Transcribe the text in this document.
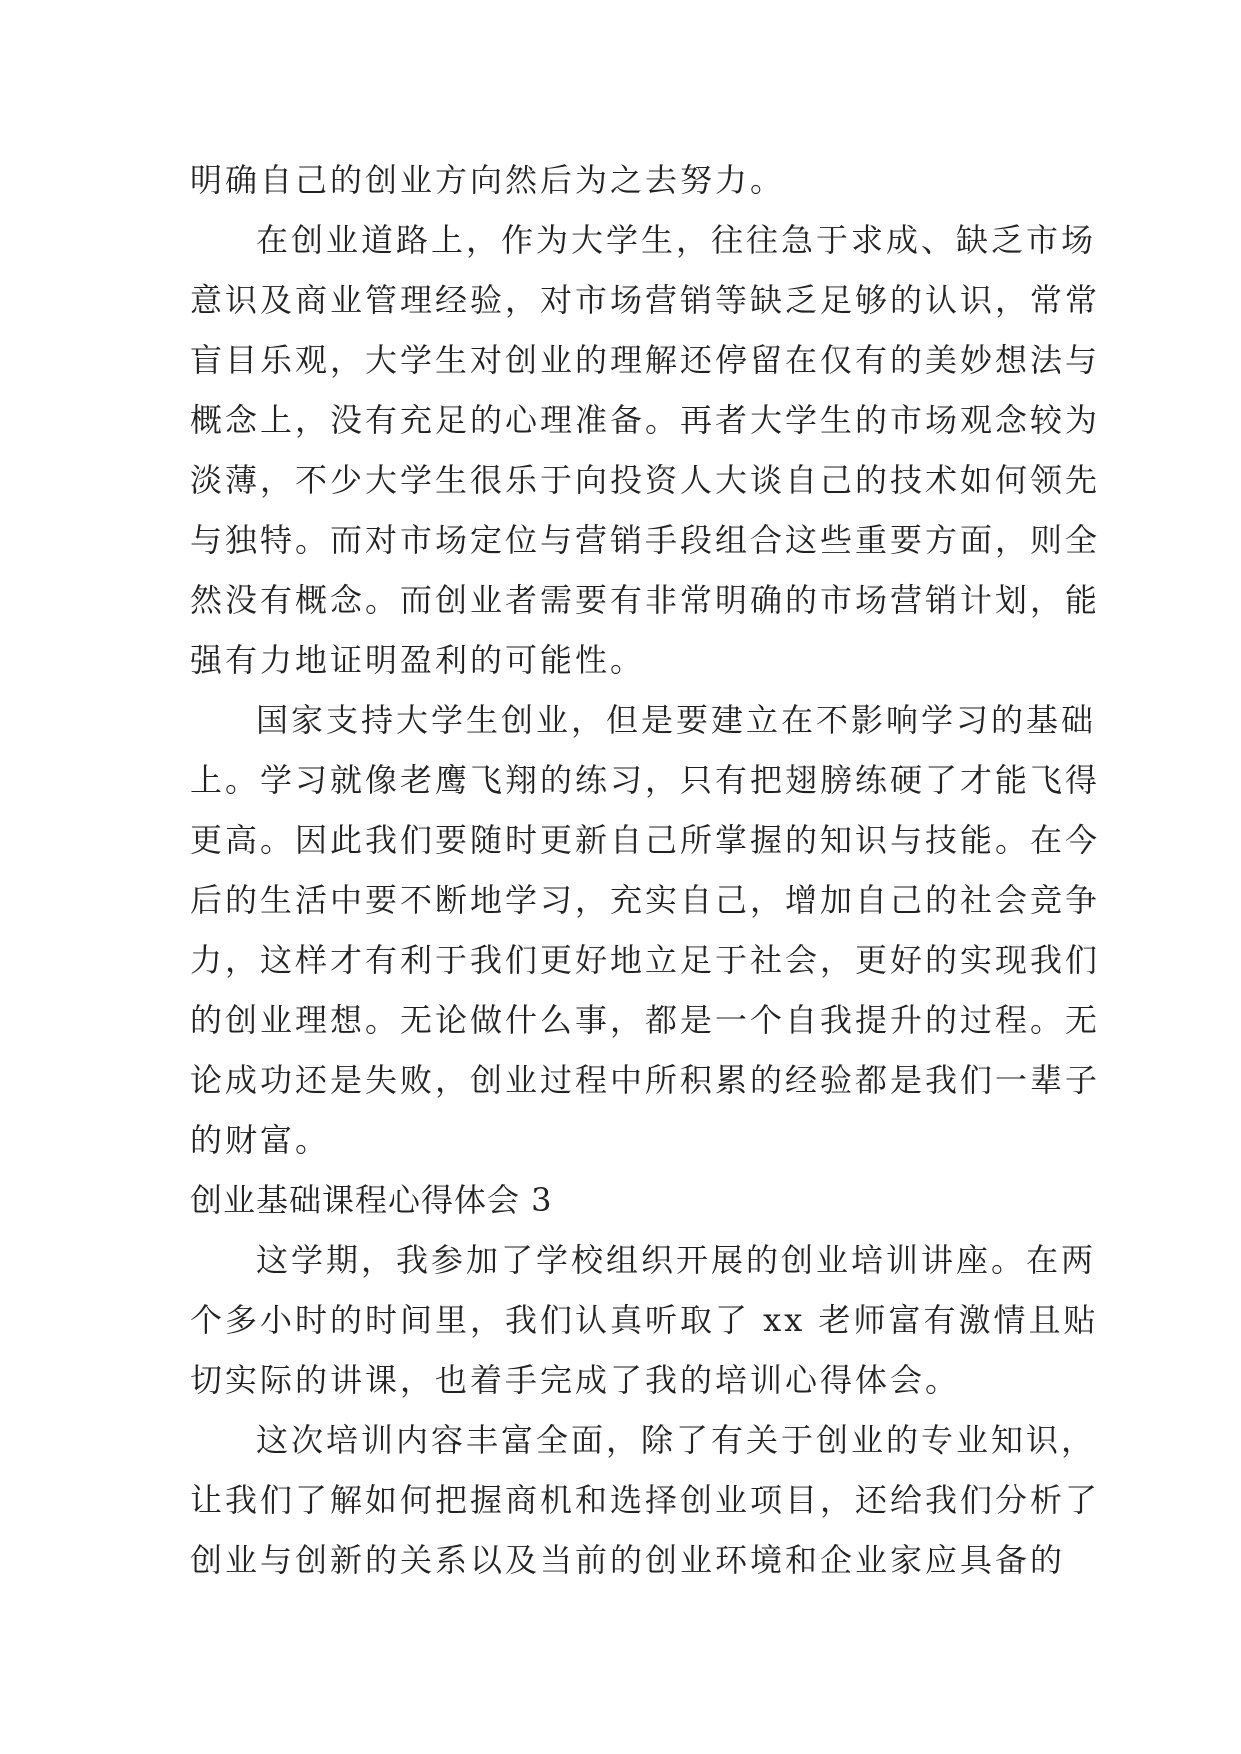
明确自己的创业方向然后为之去努力。
在创业道路上，作为大学生，往往急于求成、缺乏市场
意识及商业管理经验，对市场营销等缺乏足够的认识，常常
盲目乐观，大学生对创业的理解还停留在仅有的美妙想法与
概念上，没有充足的心理准备。再者大学生的市场观念较为
淡薄，不少大学生很乐于向投资人大谈自己的技术如何领先
与独特。而对市场定位与营销手段组合这些重要方面，则全
然没有概念。而创业者需要有非常明确的市场营销计划，能
强有力地证明盈利的可能性。
国家支持大学生创业，但是要建立在不影响学习的基础
上。学习就像老鹰飞翔的练习，只有把翅膀练硬了才能飞得
更高。因此我们要随时更新自己所掌握的知识与技能。在今
后的生活中要不断地学习，充实自己，增加自己的社会竞争
力，这样才有利于我们更好地立足于社会，更好的实现我们
的创业理想。无论做什么事，都是一个自我提升的过程。无
论成功还是失败，创业过程中所积累的经验都是我们一辈子
的财富。
创业基础课程心得体会 3
这学期，我参加了学校组织开展的创业培训讲座。在两
个多小时的时间里，我们认真听取了 xx 老师富有激情且贴
切实际的讲课，也着手完成了我的培训心得体会。
这次培训内容丰富全面，除了有关于创业的专业知识，
让我们了解如何把握商机和选择创业项目，还给我们分析了
创业与创新的关系以及当前的创业环境和企业家应具备的
